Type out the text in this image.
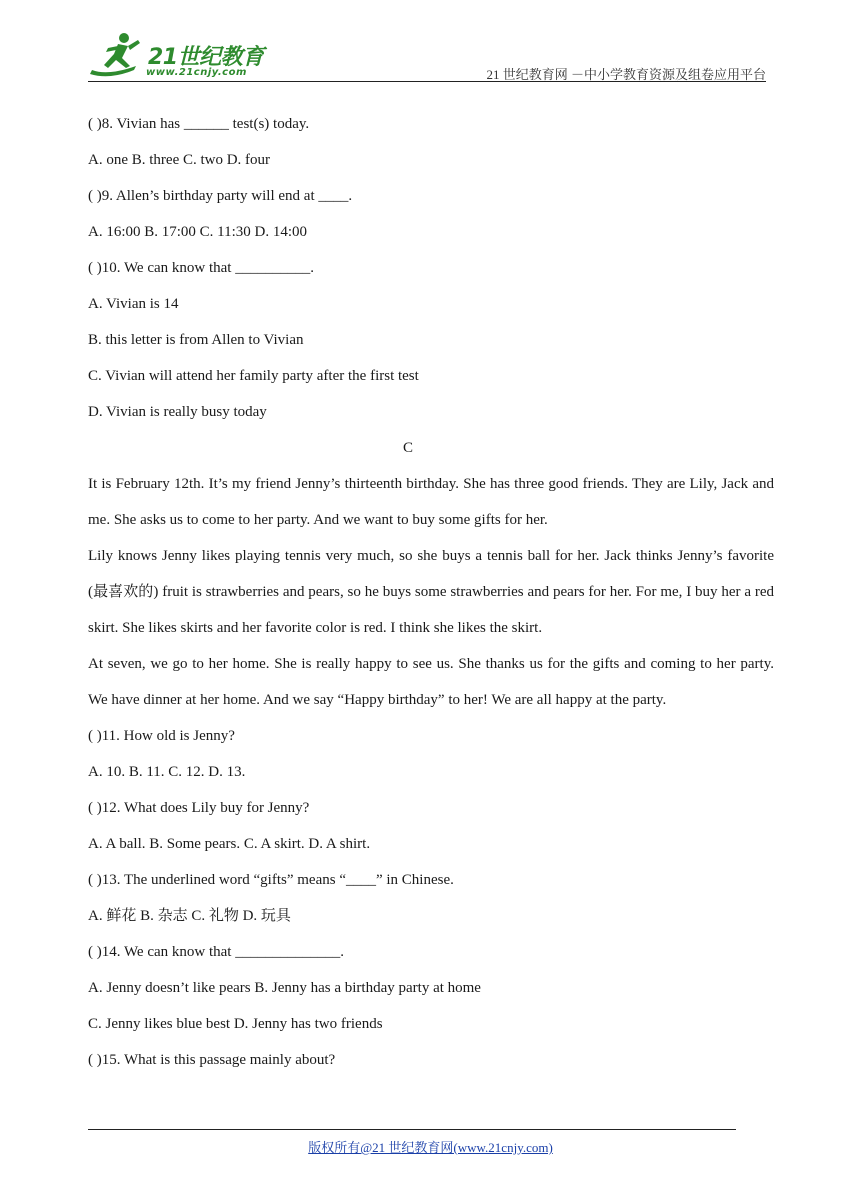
21世纪教育
www.21cnjy.com	21 世纪教育网 －中小学教育资源及组卷应用平台
( )8. Vivian has ______ test(s) today.
A. one B. three C. two D. four
( )9. Allen’s birthday party will end at ____.
A. 16:00 B. 17:00 C. 11:30 D. 14:00
( )10. We can know that __________.
A. Vivian is 14
B. this letter is from Allen to Vivian
C. Vivian will attend her family party after the first test
D. Vivian is really busy today
C
It is February 12th. It’s my friend Jenny’s thirteenth birthday. She has three good friends. They are Lily, Jack and me. She asks us to come to her party. And we want to buy some gifts for her.
Lily knows Jenny likes playing tennis very much, so she buys a tennis ball for her. Jack thinks Jenny’s favorite (最喜欢的) fruit is strawberries and pears, so he buys some strawberries and pears for her. For me, I buy her a red skirt. She likes skirts and her favorite color is red. I think she likes the skirt.
At seven, we go to her home. She is really happy to see us. She thanks us for the gifts and coming to her party. We have dinner at her home. And we say “Happy birthday” to her! We are all happy at the party.
( )11. How old is Jenny?
A. 10. B. 11. C. 12. D. 13.
( )12. What does Lily buy for Jenny?
A. A ball. B. Some pears. C. A skirt. D. A shirt.
( )13. The underlined word “gifts” means “____” in Chinese.
A. 鲜花 B. 杂志 C. 礼物 D. 玩具
( )14. We can know that ______________.
A. Jenny doesn’t like pears B. Jenny has a birthday party at home
C. Jenny likes blue best D. Jenny has two friends
( )15. What is this passage mainly about?
版权所有@21 世纪教育网(www.21cnjy.com)
